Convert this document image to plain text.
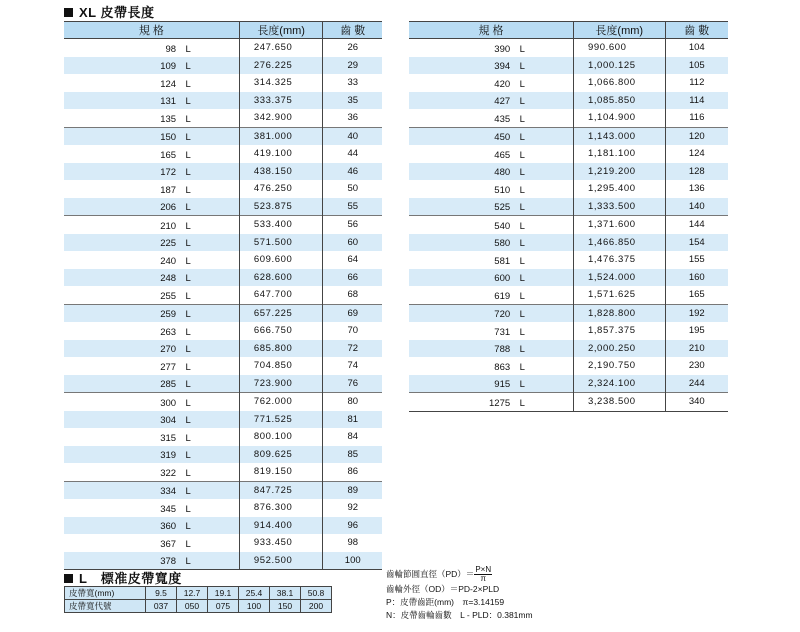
XL 皮帶長度
規 格	長度(mm)	齒 數
98　L	247.650	26
109　L	276.225	29
124　L	314.325	33
131　L	333.375	35
135　L	342.900	36
150　L	381.000	40
165　L	419.100	44
172　L	438.150	46
187　L	476.250	50
206　L	523.875	55
210　L	533.400	56
225　L	571.500	60
240　L	609.600	64
248　L	628.600	66
255　L	647.700	68
259　L	657.225	69
263　L	666.750	70
270　L	685.800	72
277　L	704.850	74
285　L	723.900	76
300　L	762.000	80
304　L	771.525	81
315　L	800.100	84
319　L	809.625	85
322　L	819.150	86
334　L	847.725	89
345　L	876.300	92
360　L	914.400	96
367　L	933.450	98
378　L	952.500	100
規 格	長度(mm)	齒 數
390　L	990.600	104
394　L	1,000.125	105
420　L	1,066.800	112
427　L	1,085.850	114
435　L	1,104.900	116
450　L	1,143.000	120
465　L	1,181.100	124
480　L	1,219.200	128
510　L	1,295.400	136
525　L	1,333.500	140
540　L	1,371.600	144
580　L	1,466.850	154
581　L	1,476.375	155
600　L	1,524.000	160
619　L	1,571.625	165
720　L	1,828.800	192
731　L	1,857.375	195
788　L	2,000.250	210
863　L	2,190.750	230
915　L	2,324.100	244
1275　L	3,238.500	340
L　標准皮帶寬度
皮帶寬(mm)	9.5	12.7	19.1	25.4	38.1	50.8
皮帶寬代號	037	050	075	100	150	200
齒輪節圓直徑$(PD)= \frac{P\times N}{\pi}$
齒輪外徑（OD）＝PD-2×PLD
P：皮帶齒距(mm)　π=3.14159
N：皮帶齒輪齒數　L - PLD：0.381mm
